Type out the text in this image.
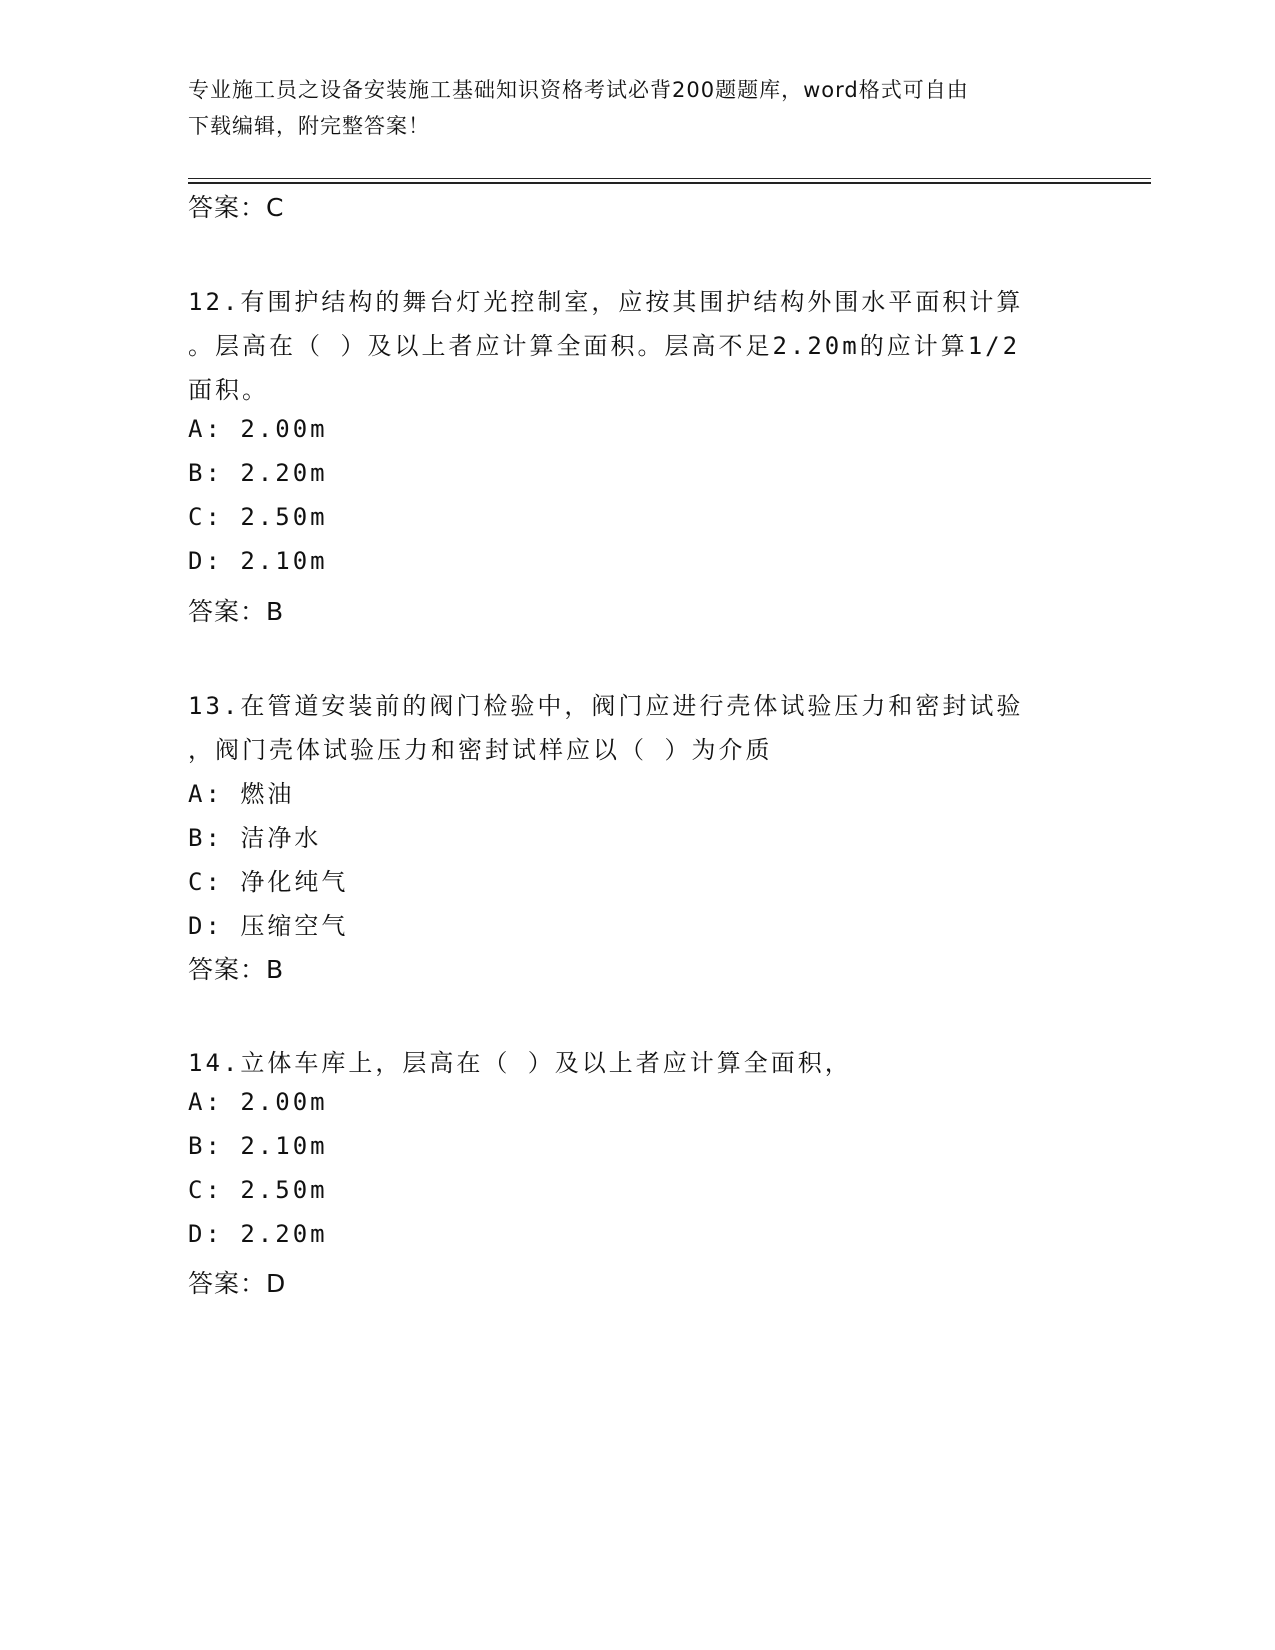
专业施工员之设备安装施工基础知识资格考试必背200题题库，word格式可自由
下载编辑，附完整答案！
答案：C
12.有围护结构的舞台灯光控制室，应按其围护结构外围水平面积计算
。层高在（ ）及以上者应计算全面积。层高不足2.20m的应计算1/2
面积。
A: 2.00m
B: 2.20m
C: 2.50m
D: 2.10m
答案：B
13.在管道安装前的阀门检验中，阀门应进行壳体试验压力和密封试验
，阀门壳体试验压力和密封试样应以（ ）为介质
A: 燃油
B: 洁净水
C: 净化纯气
D: 压缩空气
答案：B
14.立体车库上，层高在（ ）及以上者应计算全面积，
A: 2.00m
B: 2.10m
C: 2.50m
D: 2.20m
答案：D
